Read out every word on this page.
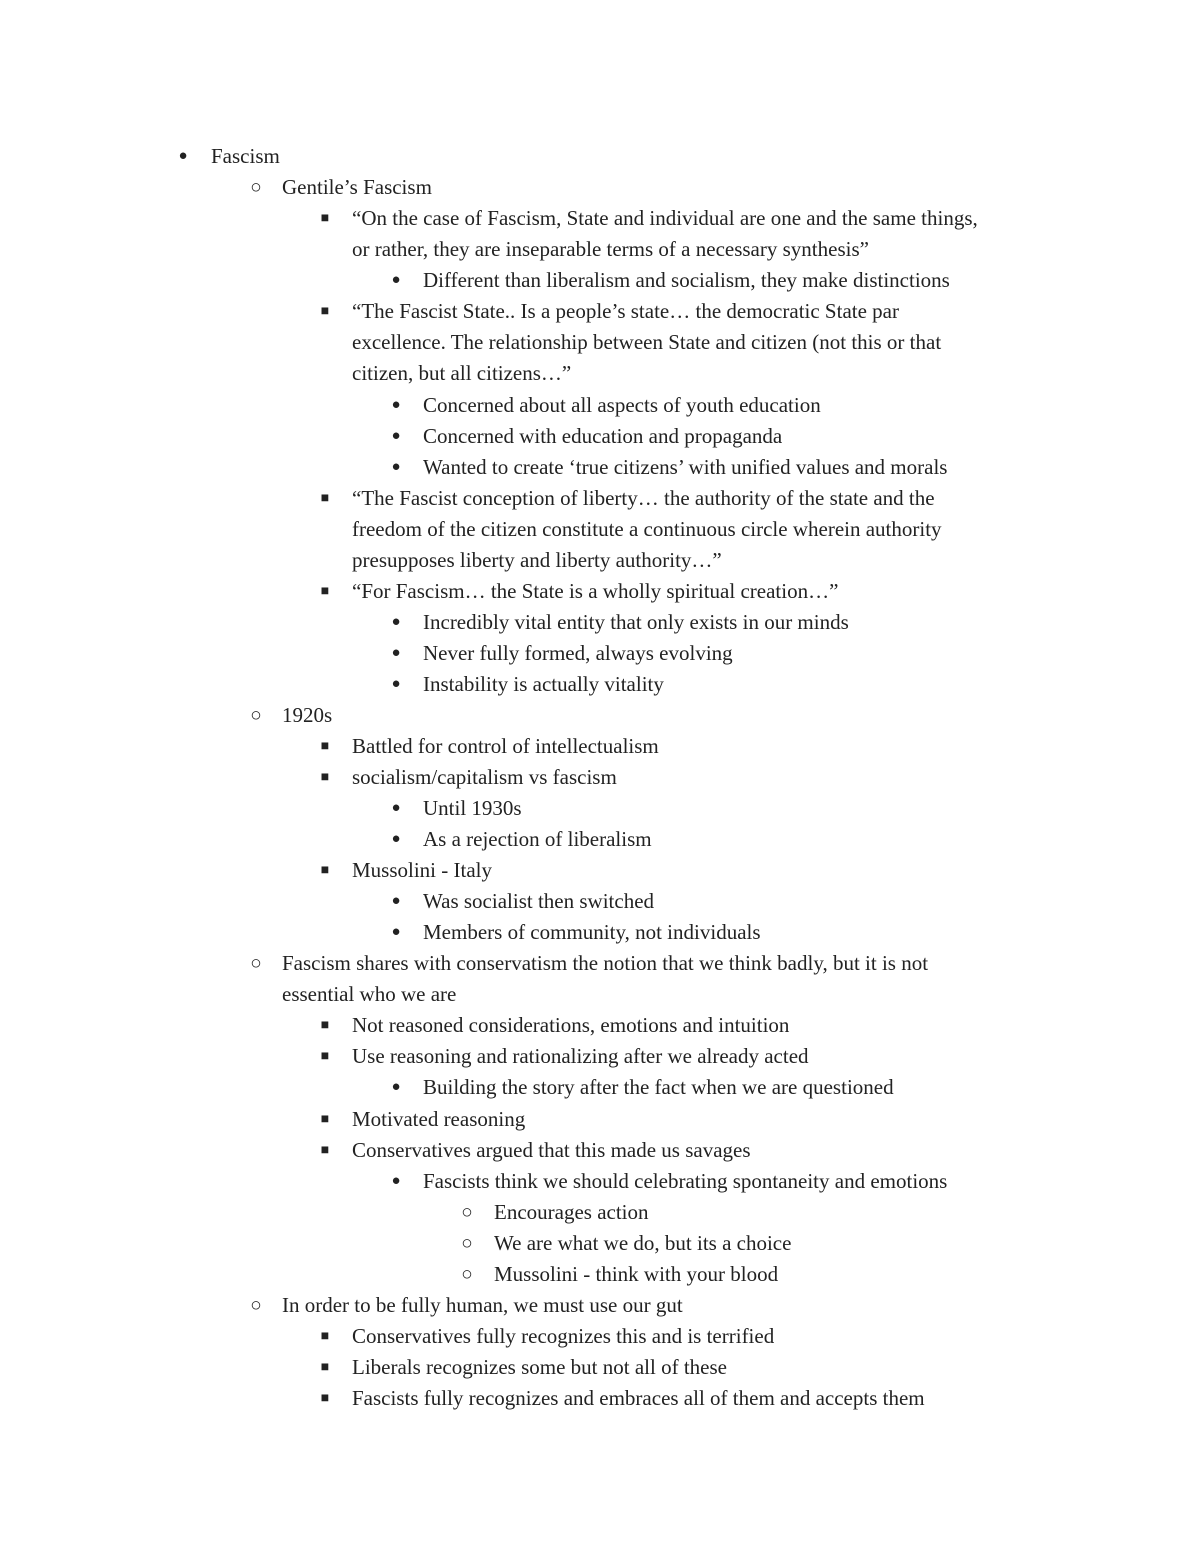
● Fascism
○ Gentile’s Fascism
■ “On the case of Fascism, State and individual are one and the same things,
or rather, they are inseparable terms of a necessary synthesis”
● Different than liberalism and socialism, they make distinctions
■ “The Fascist State.. Is a people’s state… the democratic State par
excellence. The relationship between State and citizen (not this or that
citizen, but all citizens…”
● Concerned about all aspects of youth education
● Concerned with education and propaganda
● Wanted to create ‘true citizens’ with unified values and morals
■ “The Fascist conception of liberty… the authority of the state and the
freedom of the citizen constitute a continuous circle wherein authority
presupposes liberty and liberty authority…”
■ “For Fascism… the State is a wholly spiritual creation…”
● Incredibly vital entity that only exists in our minds
● Never fully formed, always evolving
● Instability is actually vitality
○ 1920s
■ Battled for control of intellectualism
■ socialism/capitalism vs fascism
● Until 1930s
● As a rejection of liberalism
■ Mussolini - Italy
● Was socialist then switched
● Members of community, not individuals
○ Fascism shares with conservatism the notion that we think badly, but it is not
essential who we are
■ Not reasoned considerations, emotions and intuition
■ Use reasoning and rationalizing after we already acted
● Building the story after the fact when we are questioned
■ Motivated reasoning
■ Conservatives argued that this made us savages
● Fascists think we should celebrating spontaneity and emotions
○ Encourages action
○ We are what we do, but its a choice
○ Mussolini - think with your blood
○ In order to be fully human, we must use our gut
■ Conservatives fully recognizes this and is terrified
■ Liberals recognizes some but not all of these
■ Fascists fully recognizes and embraces all of them and accepts them
